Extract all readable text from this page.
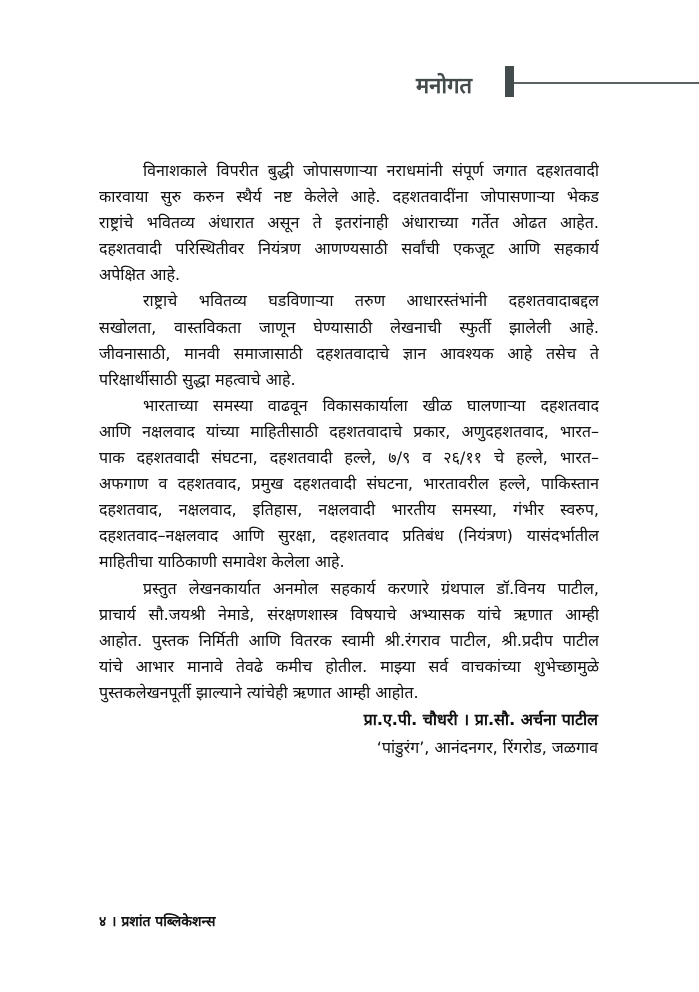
मनोगत
विनाशकाले विपरीत बुद्धी जोपासणाऱ्या नराधमांनी संपूर्ण जगात दहशतवादी
कारवाया सुरु करुन स्थैर्य नष्ट केलेले आहे. दहशतवादींना जोपासणाऱ्या भेकड
राष्ट्रांचे भवितव्य अंधारात असून ते इतरांनाही अंधाराच्या गर्तेत ओढत आहेत.
दहशतवादी परिस्थितीवर नियंत्रण आणण्यसाठी सर्वांची एकजूट आणि सहकार्य
अपेक्षित आहे.
राष्ट्राचे भवितव्य घडविणाऱ्या तरुण आधारस्तंभांनी दहशतवादाबद्दल
सखोलता, वास्तविकता जाणून घेण्यासाठी लेखनाची स्फुर्ती झालेली आहे.
जीवनासाठी, मानवी समाजासाठी दहशतवादाचे ज्ञान आवश्यक आहे तसेच ते
परिक्षार्थीसाठी सुद्धा महत्वाचे आहे.
भारताच्या समस्या वाढवून विकासकार्याला खीळ घालणाऱ्या दहशतवाद
आणि नक्षलवाद यांच्या माहितीसाठी दहशतवादाचे प्रकार, अणुदहशतवाद, भारत–
पाक दहशतवादी संघटना, दहशतवादी हल्ले, ७/९ व २६/११ चे हल्ले, भारत–
अफगाण व दहशतवाद, प्रमुख दहशतवादी संघटना, भारतावरील हल्ले, पाकिस्तान
दहशतवाद, नक्षलवाद, इतिहास, नक्षलवादी भारतीय समस्या, गंभीर स्वरुप,
दहशतवाद–नक्षलवाद आणि सुरक्षा, दहशतवाद प्रतिबंध (नियंत्रण) यासंदर्भातील
माहितीचा याठिकाणी समावेश केलेला आहे.
प्रस्तुत लेखनकार्यात अनमोल सहकार्य करणारे ग्रंथपाल डॉ.विनय पाटील,
प्राचार्य सौ.जयश्री नेमाडे, संरक्षणशास्त्र विषयाचे अभ्यासक यांचे ऋणात आम्ही
आहोत. पुस्तक निर्मिती आणि वितरक स्वामी श्री.रंगराव पाटील, श्री.प्रदीप पाटील
यांचे आभार मानावे तेवढे कमीच होतील. माझ्या सर्व वाचकांच्या शुभेच्छामुळे
पुस्तकलेखनपूर्ती झाल्याने त्यांचेही ऋणात आम्ही आहोत.
प्रा.ए.पी. चौधरी । प्रा.सौ. अर्चना पाटील
‘पांडुरंग’, आनंदनगर, रिंगरोड, जळगाव
४ । प्रशांत पब्लिकेशन्स
